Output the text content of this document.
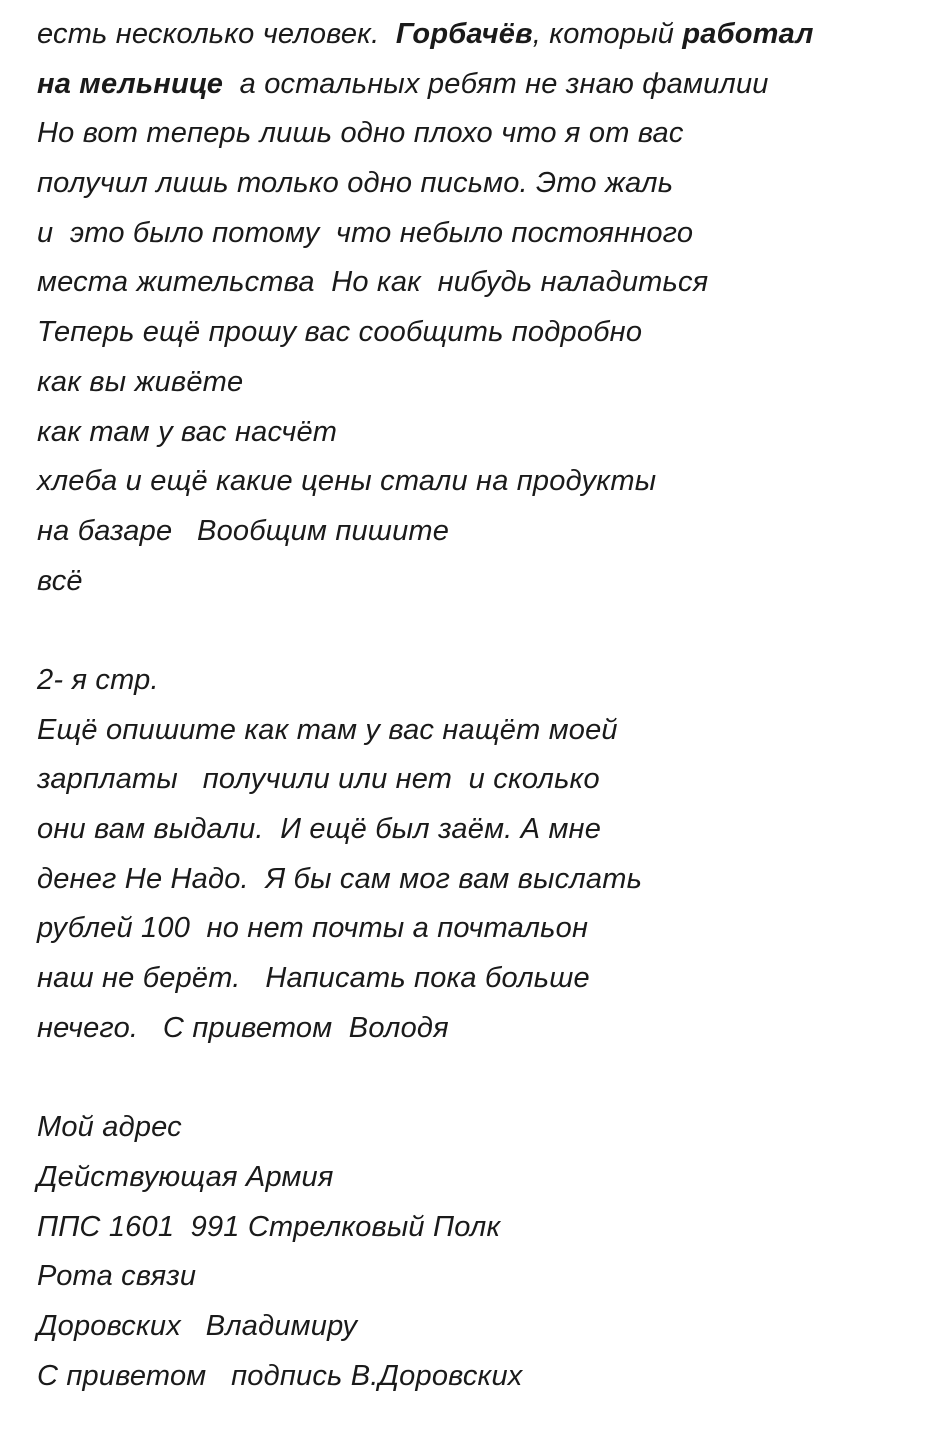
есть несколько человек.  Горбачёв, который работал
на мельнице  а остальных ребят не знаю фамилии
Но вот теперь лишь одно плохо что я от вас
получил лишь только одно письмо. Это жаль
и  это было потому  что небыло постоянного
места жительства  Но как  нибудь наладиться
Теперь ещё прошу вас сообщить подробно
как вы живёте
как там у вас насчёт
хлеба и ещё какие цены стали на продукты
на базаре   Вообщим пишите
всё
2- я стр.
Ещё опишите как там у вас нащёт моей
зарплаты   получили или нет  и сколько
они вам выдали.  И ещё был заём. А мне
денег Не Надо.  Я бы сам мог вам выслать
рублей 100  но нет почты а почтальон
наш не берёт.   Написать пока больше
нечего.   С приветом  Володя
Мой адрес
Действующая Армия
ППС 1601  991 Стрелковый Полк
Рота связи
Доровских   Владимиру
С приветом   подпись В.Доровских
